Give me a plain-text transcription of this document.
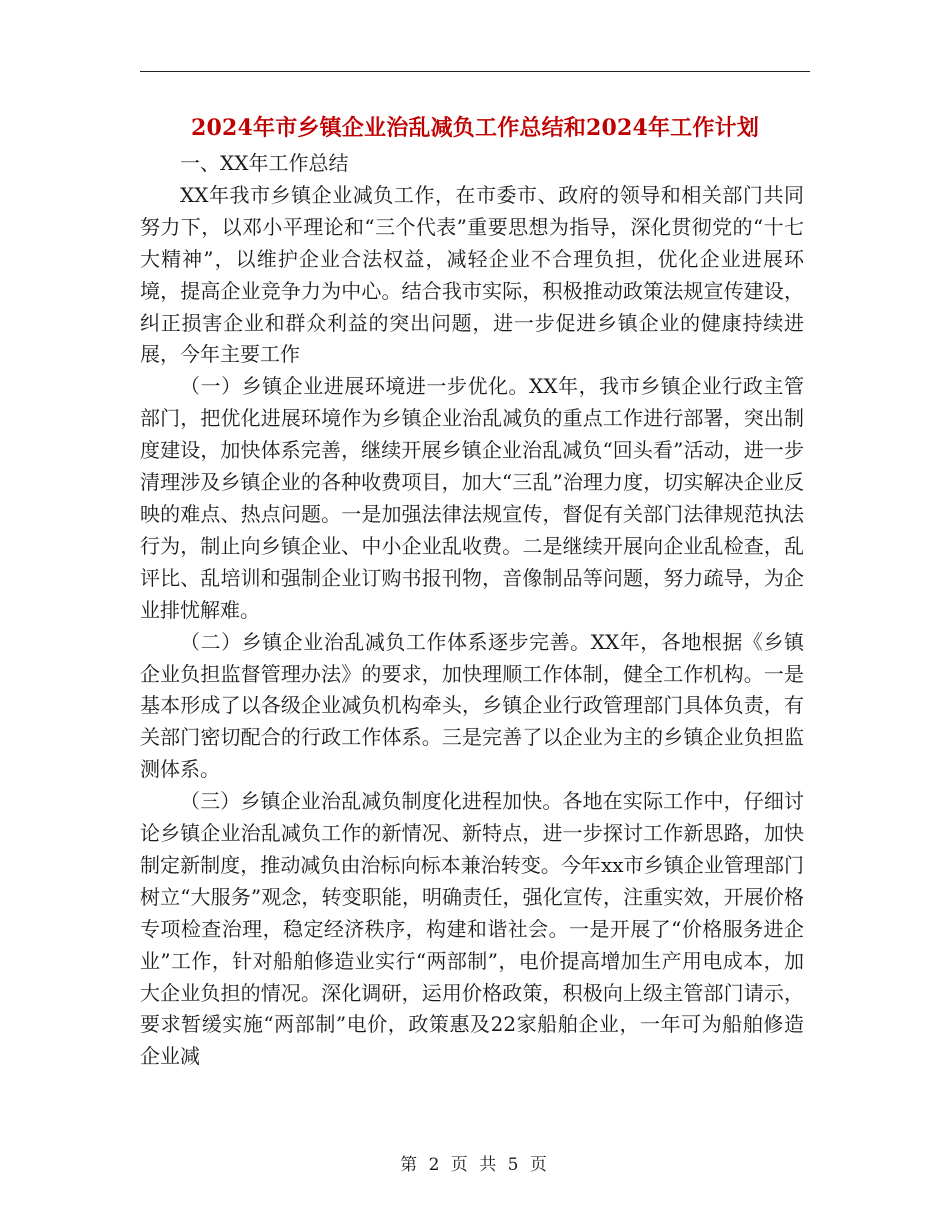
2024年市乡镇企业治乱减负工作总结和2024年工作计划

一、XX年工作总结

XX年我市乡镇企业减负工作，在市委市、政府的领导和相关部门共同努力下，以邓小平理论和“三个代表”重要思想为指导，深化贯彻党的“十七大精神”，以维护企业合法权益，减轻企业不合理负担，优化企业进展环境，提高企业竞争力为中心。结合我市实际，积极推动政策法规宣传建设，纠正损害企业和群众利益的突出问题，进一步促进乡镇企业的健康持续进展，今年主要工作

（一）乡镇企业进展环境进一步优化。XX年，我市乡镇企业行政主管部门，把优化进展环境作为乡镇企业治乱减负的重点工作进行部署，突出制度建设，加快体系完善，继续开展乡镇企业治乱减负“回头看”活动，进一步清理涉及乡镇企业的各种收费项目，加大“三乱”治理力度，切实解决企业反映的难点、热点问题。一是加强法律法规宣传，督促有关部门法律规范执法行为，制止向乡镇企业、中小企业乱收费。二是继续开展向企业乱检查，乱评比、乱培训和强制企业订购书报刊物，音像制品等问题，努力疏导，为企业排忧解难。

（二）乡镇企业治乱减负工作体系逐步完善。XX年，各地根据《乡镇企业负担监督管理办法》的要求，加快理顺工作体制，健全工作机构。一是基本形成了以各级企业减负机构牵头，乡镇企业行政管理部门具体负责，有关部门密切配合的行政工作体系。三是完善了以企业为主的乡镇企业负担监测体系。

（三）乡镇企业治乱减负制度化进程加快。各地在实际工作中，仔细讨论乡镇企业治乱减负工作的新情况、新特点，进一步探讨工作新思路，加快制定新制度，推动减负由治标向标本兼治转变。今年xx市乡镇企业管理部门树立“大服务”观念，转变职能，明确责任，强化宣传，注重实效，开展价格专项检查治理，稳定经济秩序，构建和谐社会。一是开展了“价格服务进企业”工作，针对船舶修造业实行“两部制”，电价提高增加生产用电成本，加大企业负担的情况。深化调研，运用价格政策，积极向上级主管部门请示，要求暂缓实施“两部制”电价，政策惠及22家船舶企业，一年可为船舶修造企业减

第 2 页 共 5 页
